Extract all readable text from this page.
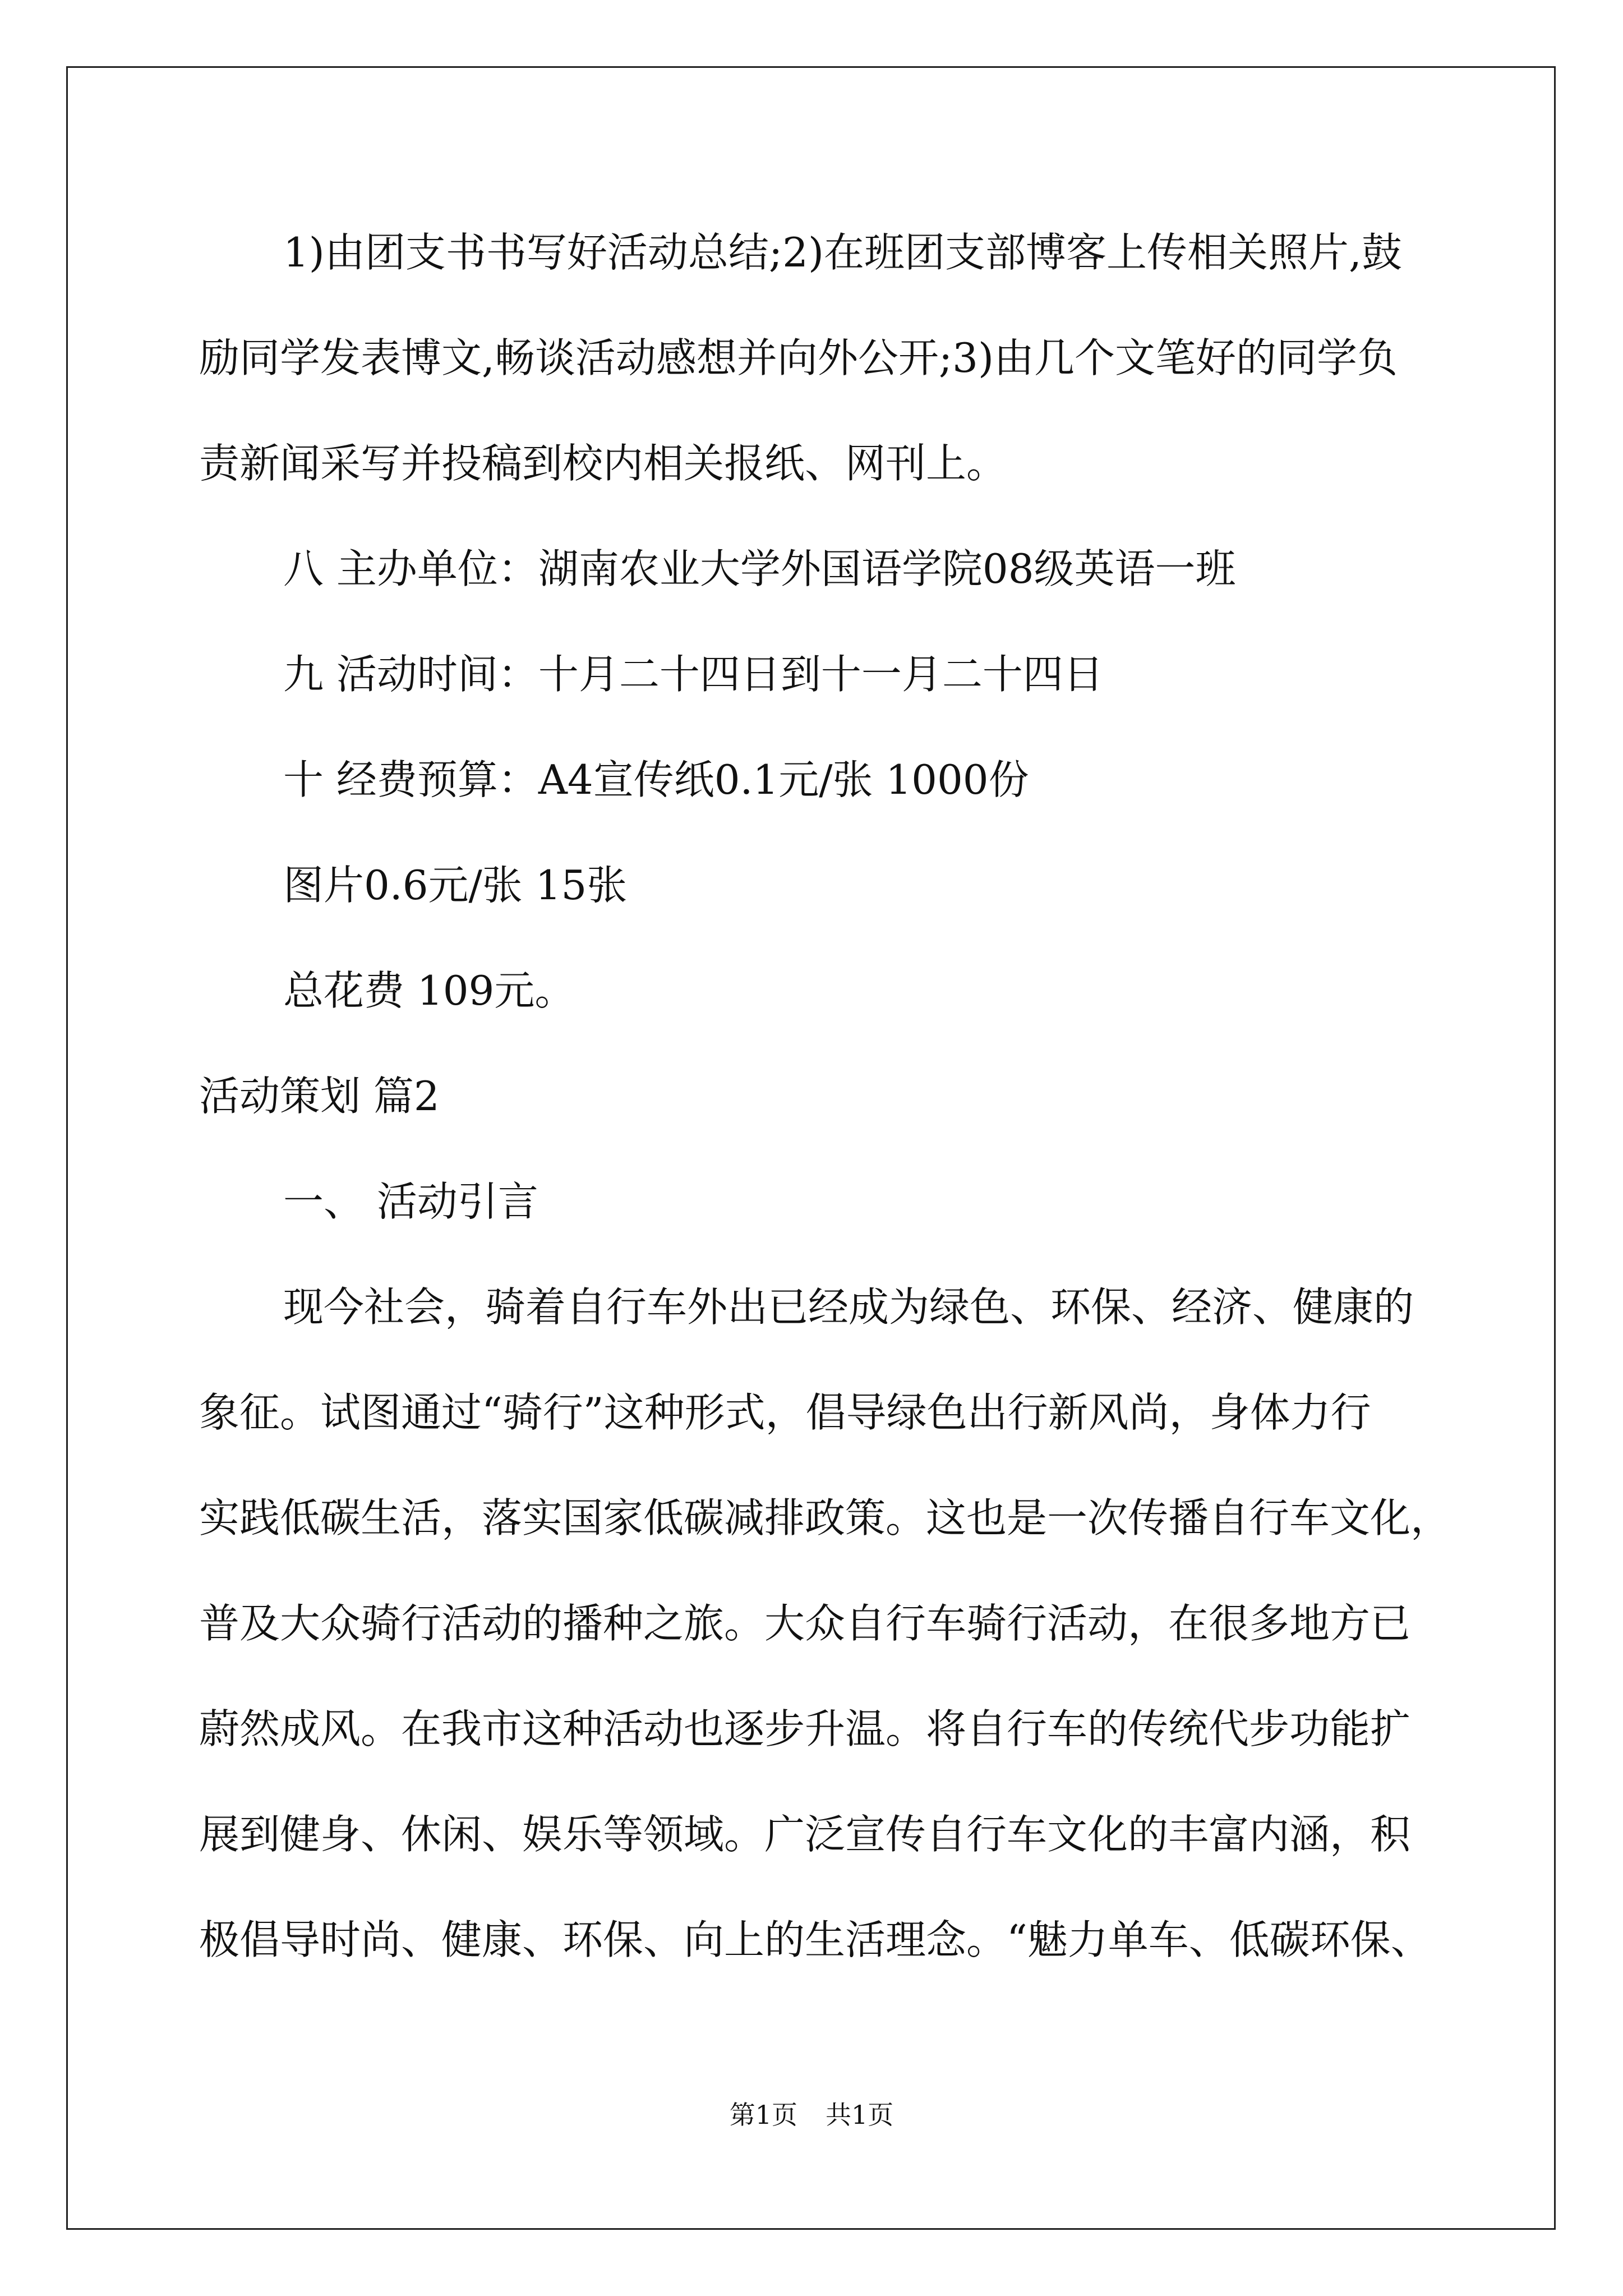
1)由团支书书写好活动总结;2)在班团支部博客上传相关照片,鼓

励同学发表博文,畅谈活动感想并向外公开;3)由几个文笔好的同学负

责新闻采写并投稿到校内相关报纸、网刊上。

八 主办单位：湖南农业大学外国语学院08级英语一班

九 活动时间：十月二十四日到十一月二十四日

十 经费预算：A4宣传纸0.1元/张 1000份

图片0.6元/张 15张

总花费 109元。

活动策划 篇2

一、 活动引言

现今社会，骑着自行车外出已经成为绿色、环保、经济、健康的

象征。试图通过“骑行”这种形式，倡导绿色出行新风尚，身体力行

实践低碳生活，落实国家低碳减排政策。这也是一次传播自行车文化，

普及大众骑行活动的播种之旅。大众自行车骑行活动，在很多地方已

蔚然成风。在我市这种活动也逐步升温。将自行车的传统代步功能扩

展到健身、休闲、娱乐等领域。广泛宣传自行车文化的丰富内涵，积

极倡导时尚、健康、环保、向上的生活理念。“魅力单车、低碳环保、

第1页 共1页
